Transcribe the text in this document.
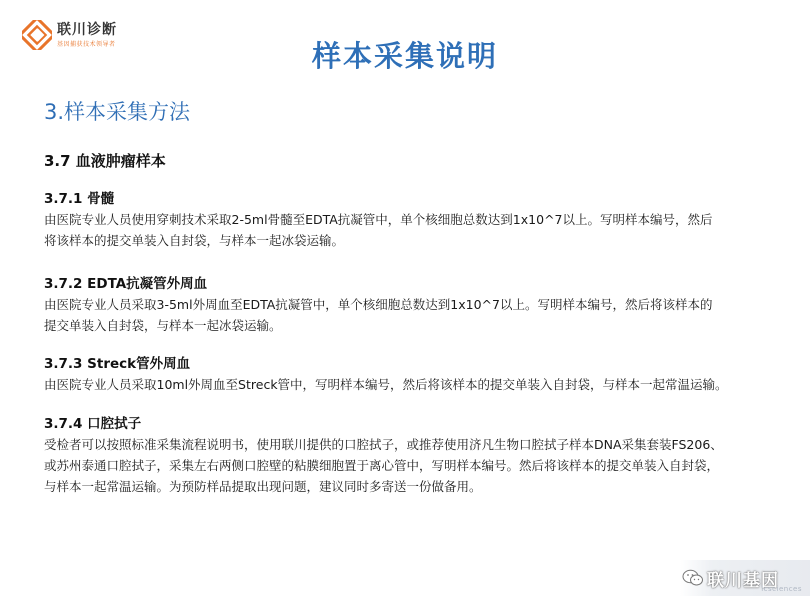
联川诊断
基因捕获技术领导者	样本采集说明
3.样本采集方法
3.7 血液肿瘤样本
3.7.1 骨髓

由医院专业人员使用穿刺技术采取2-5ml骨髓至EDTA抗凝管中，单个核细胞总数达到1x10^7以上。写明样本编号，然后
将该样本的提交单装入自封袋，与样本一起冰袋运输。

3.7.2 EDTA抗凝管外周血

由医院专业人员采取3-5ml外周血至EDTA抗凝管中，单个核细胞总数达到1x10^7以上。写明样本编号，然后将该样本的
提交单装入自封袋，与样本一起冰袋运输。

3.7.3 Streck管外周血

由医院专业人员采取10ml外周血至Streck管中，写明样本编号，然后将该样本的提交单装入自封袋，与样本一起常温运输。

3.7.4 口腔拭子

受检者可以按照标准采集流程说明书，使用联川提供的口腔拭子，或推荐使用济凡生物口腔拭子样本DNA采集套装FS206、
或苏州泰通口腔拭子，采集左右两侧口腔壁的粘膜细胞置于离心管中，写明样本编号。然后将该样本的提交单装入自封袋，
与样本一起常温运输。为预防样品提取出现问题，建议同时多寄送一份做备用。

联川基因
lcsciences
